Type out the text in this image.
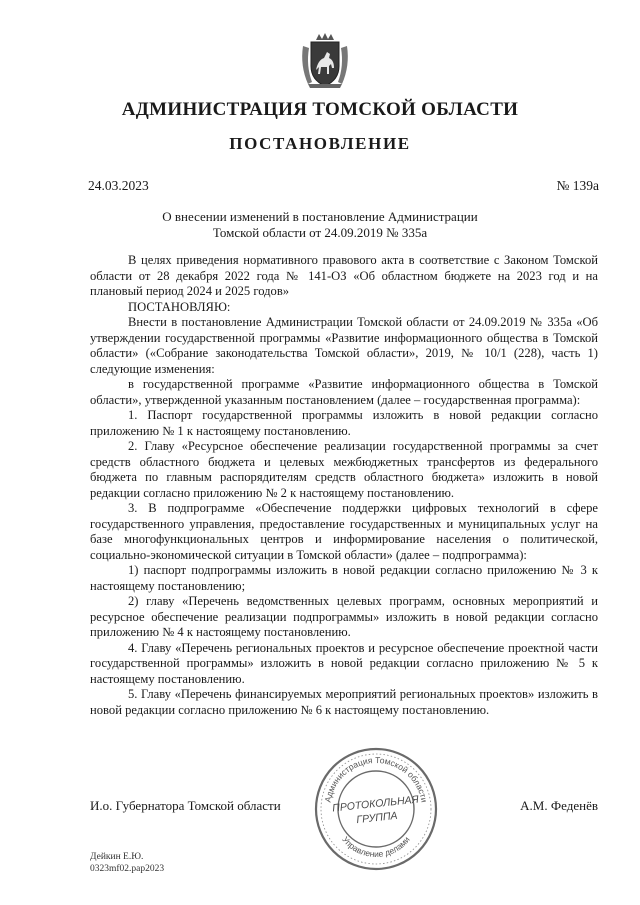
АДМИНИСТРАЦИЯ ТОМСКОЙ ОБЛАСТИ
ПОСТАНОВЛЕНИЕ
24.03.2023	№ 139а
О внесении изменений в постановление Администрации
Томской области от 24.09.2019 № 335а

В целях приведения нормативного правового акта в соответствие с Законом Томской области от 28 декабря 2022 года № 141-ОЗ «Об областном бюджете на 2023 год и на плановый период 2024 и 2025 годов»

ПОСТАНОВЛЯЮ:

Внести в постановление Администрации Томской области от 24.09.2019 № 335а «Об утверждении государственной программы «Развитие информационного общества в Томской области» («Собрание законодательства Томской области», 2019, № 10/1 (228), часть 1) следующие изменения:

в государственной программе «Развитие информационного общества в Томской области», утвержденной указанным постановлением (далее – государственная программа):

1. Паспорт государственной программы изложить в новой редакции согласно приложению № 1 к настоящему постановлению.

2. Главу «Ресурсное обеспечение реализации государственной программы за счет средств областного бюджета и целевых межбюджетных трансфертов из федерального бюджета по главным распорядителям средств областного бюджета» изложить в новой редакции согласно приложению № 2 к настоящему постановлению.

3. В подпрограмме «Обеспечение поддержки цифровых технологий в сфере государственного управления, предоставление государственных и муниципальных услуг на базе многофункциональных центров и информирование населения о политической, социально-экономической ситуации в Томской области» (далее – подпрограмма):

1) паспорт подпрограммы изложить в новой редакции согласно приложению № 3 к настоящему постановлению;

2) главу «Перечень ведомственных целевых программ, основных мероприятий и ресурсное обеспечение реализации подпрограммы» изложить в новой редакции согласно приложению № 4 к настоящему постановлению.

4. Главу «Перечень региональных проектов и ресурсное обеспечение проектной части государственной программы» изложить в новой редакции согласно приложению № 5 к настоящему постановлению.

5. Главу «Перечень финансируемых мероприятий региональных проектов» изложить в новой редакции согласно приложению № 6 к настоящему постановлению.

И.о. Губернатора Томской области	А.М. Феденёв
Администрация Томской области
Управление делами
ПРОТОКОЛЬНАЯ
ГРУППА
Дейкин Е.Ю.
0323mf02.pap2023
